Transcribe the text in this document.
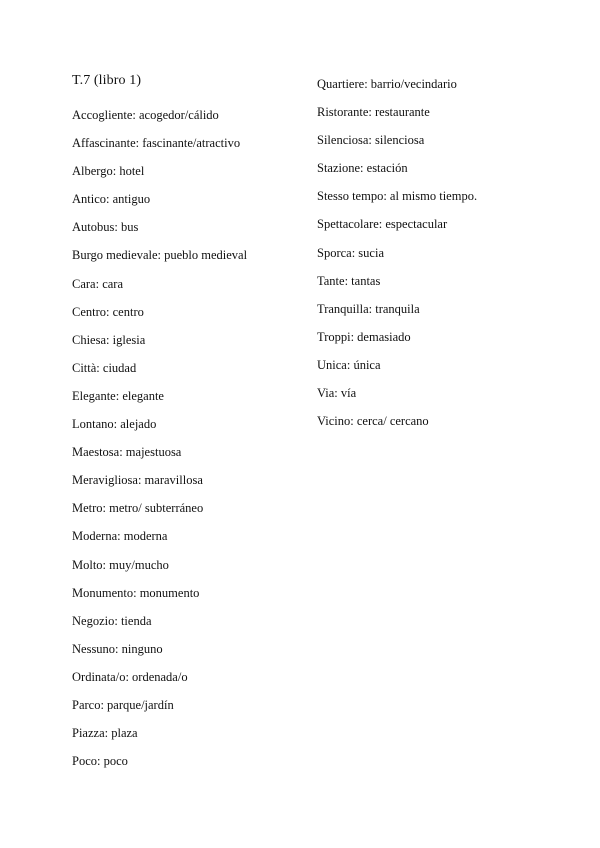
T.7 (libro 1)
Accogliente: acogedor/cálido
Affascinante: fascinante/atractivo
Albergo: hotel
Antico: antiguo
Autobus: bus
Burgo medievale: pueblo medieval
Cara: cara
Centro: centro
Chiesa: iglesia
Città: ciudad
Elegante: elegante
Lontano: alejado
Maestosa: majestuosa
Meravigliosa: maravillosa
Metro: metro/ subterráneo
Moderna: moderna
Molto: muy/mucho
Monumento: monumento
Negozio: tienda
Nessuno: ninguno
Ordinata/o: ordenada/o
Parco: parque/jardín
Piazza: plaza
Poco: poco
Quartiere: barrio/vecindario
Ristorante: restaurante
Silenciosa: silenciosa
Stazione: estación
Stesso tempo: al mismo tiempo.
Spettacolare: espectacular
Sporca: sucia
Tante: tantas
Tranquilla: tranquila
Troppi: demasiado
Unica: única
Via: vía
Vicino: cerca/ cercano
